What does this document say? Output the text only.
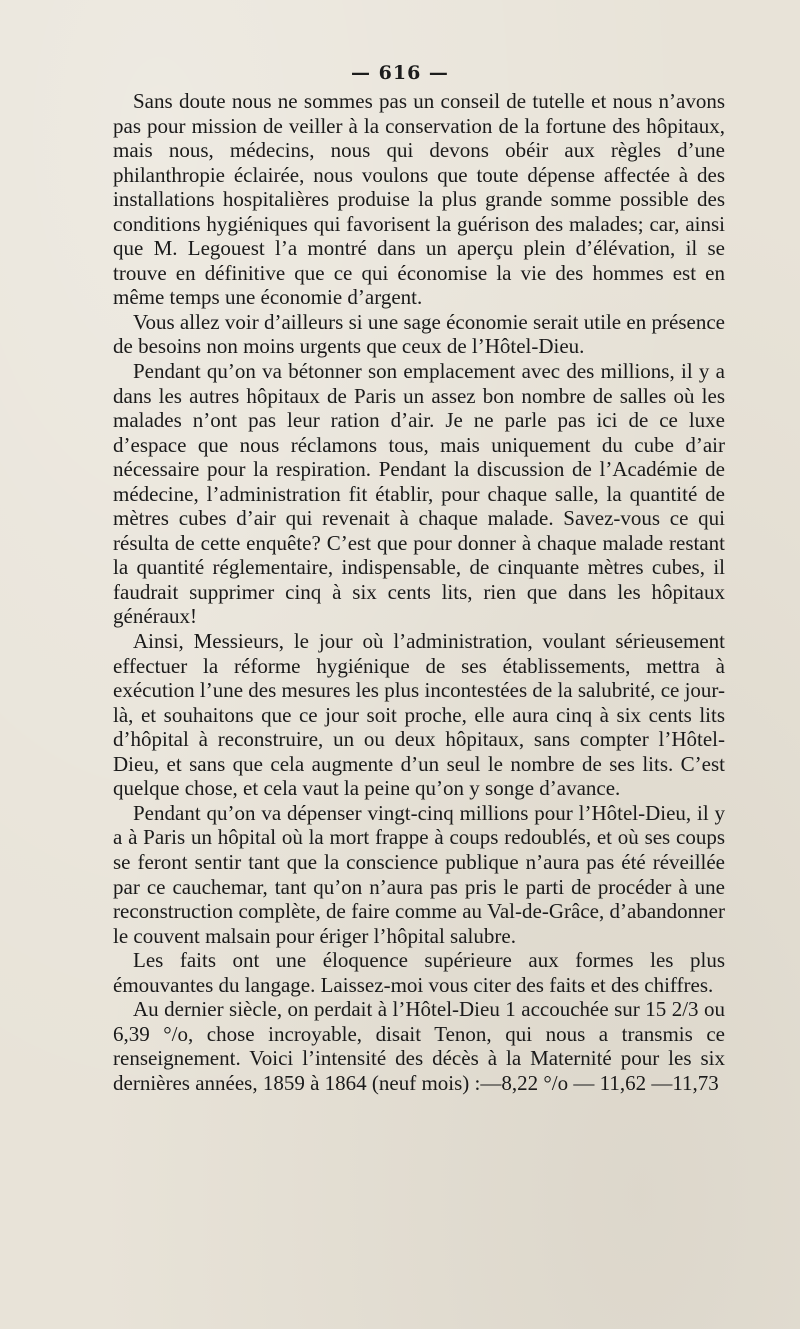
— 616 —

Sans doute nous ne sommes pas un conseil de tutelle et nous n’avons pas pour mission de veiller à la conservation de la fortune des hôpitaux, mais nous, médecins, nous qui devons obéir aux règles d’une philanthropie éclairée, nous voulons que toute dépense affectée à des installations hospitalières produise la plus grande somme possible des conditions hygiéniques qui favorisent la guérison des malades; car, ainsi que M. Legouest l’a montré dans un aperçu plein d’élévation, il se trouve en définitive que ce qui économise la vie des hommes est en même temps une économie d’argent.

Vous allez voir d’ailleurs si une sage économie serait utile en présence de besoins non moins urgents que ceux de l’Hôtel-Dieu.

Pendant qu’on va bétonner son emplacement avec des millions, il y a dans les autres hôpitaux de Paris un assez bon nombre de salles où les malades n’ont pas leur ration d’air. Je ne parle pas ici de ce luxe d’espace que nous réclamons tous, mais uniquement du cube d’air nécessaire pour la respiration. Pendant la discussion de l’Académie de médecine, l’administration fit établir, pour chaque salle, la quantité de mètres cubes d’air qui revenait à chaque malade. Savez-vous ce qui résulta de cette enquête? C’est que pour donner à chaque malade restant la quantité réglementaire, indispensable, de cinquante mètres cubes, il faudrait supprimer cinq à six cents lits, rien que dans les hôpitaux généraux!

Ainsi, Messieurs, le jour où l’administration, voulant sérieusement effectuer la réforme hygiénique de ses établissements, mettra à exécution l’une des mesures les plus incontestées de la salubrité, ce jour-là, et souhaitons que ce jour soit proche, elle aura cinq à six cents lits d’hôpital à reconstruire, un ou deux hôpitaux, sans compter l’Hôtel-Dieu, et sans que cela augmente d’un seul le nombre de ses lits. C’est quelque chose, et cela vaut la peine qu’on y songe d’avance.

Pendant qu’on va dépenser vingt-cinq millions pour l’Hôtel-Dieu, il y a à Paris un hôpital où la mort frappe à coups redoublés, et où ses coups se feront sentir tant que la conscience publique n’aura pas été réveillée par ce cauchemar, tant qu’on n’aura pas pris le parti de procéder à une reconstruction complète, de faire comme au Val-de-Grâce, d’abandonner le couvent malsain pour ériger l’hôpital salubre.

Les faits ont une éloquence supérieure aux formes les plus émouvantes du langage. Laissez-moi vous citer des faits et des chiffres.

Au dernier siècle, on perdait à l’Hôtel-Dieu 1 accouchée sur 15 2/3 ou 6,39 °/o, chose incroyable, disait Tenon, qui nous a transmis ce renseignement. Voici l’intensité des décès à la Maternité pour les six dernières années, 1859 à 1864 (neuf mois) :—8,22 °/o — 11,62 —11,73
